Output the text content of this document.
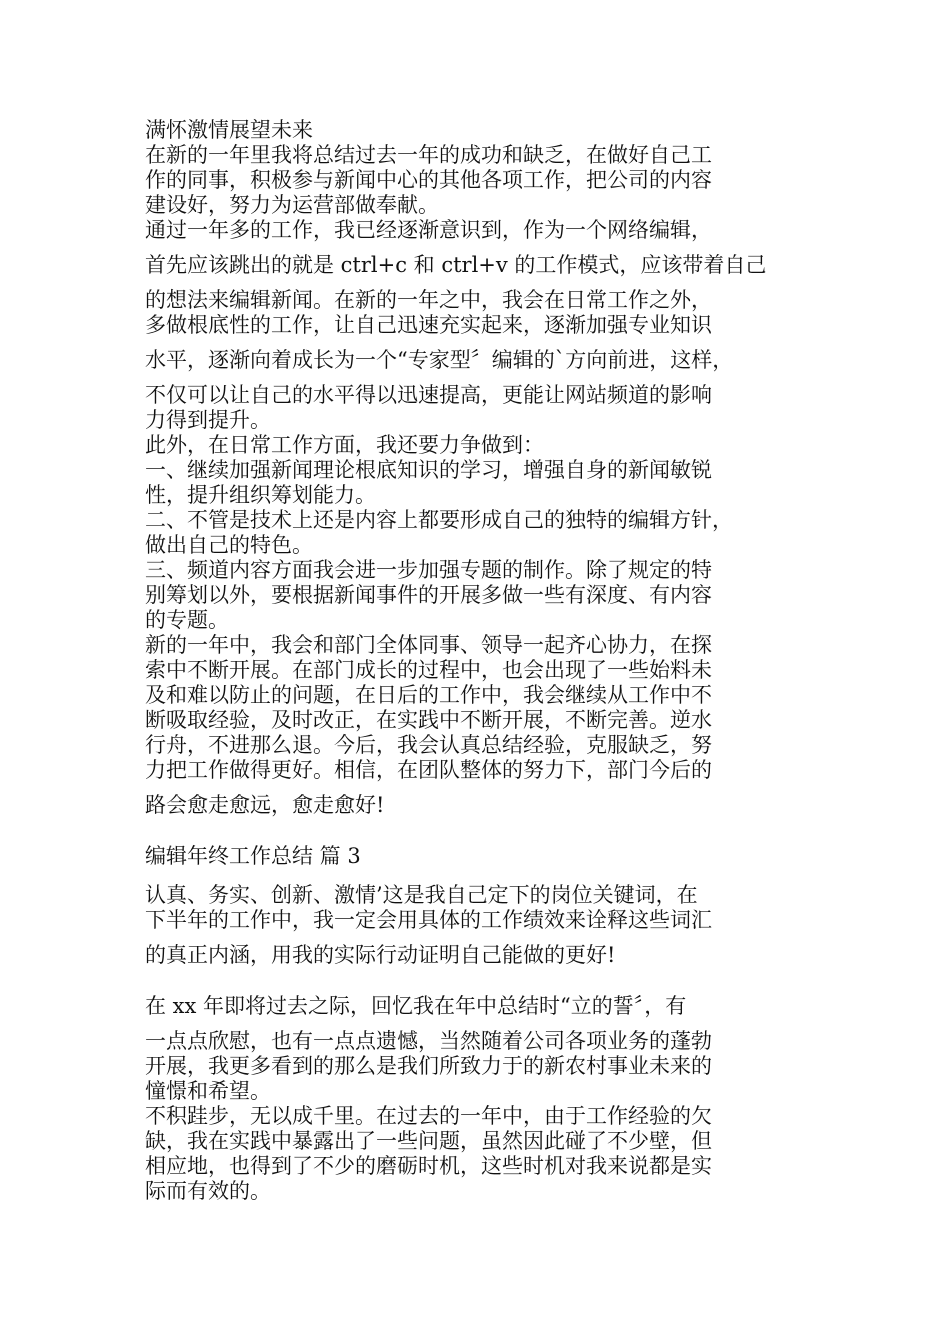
满怀激情展望未来
在新的一年里我将总结过去一年的成功和缺乏，在做好自己工
作的同事，积极参与新闻中心的其他各项工作，把公司的内容
建设好，努力为运营部做奉献。
通过一年多的工作，我已经逐渐意识到，作为一个网络编辑，
首先应该跳出的就是 ctrl+c 和 ctrl+v 的工作模式，应该带着自己
的想法来编辑新闻。在新的一年之中，我会在日常工作之外，
多做根底性的工作，让自己迅速充实起来，逐渐加强专业知识
水平，逐渐向着成长为一个“专家型〞编辑的`方向前进，这样，
不仅可以让自己的水平得以迅速提高，更能让网站频道的影响
力得到提升。
此外，在日常工作方面，我还要力争做到：
一、继续加强新闻理论根底知识的学习，增强自身的新闻敏锐
性，提升组织筹划能力。
二、不管是技术上还是内容上都要形成自己的独特的编辑方针，
做出自己的特色。
三、频道内容方面我会进一步加强专题的制作。除了规定的特
别筹划以外，要根据新闻事件的开展多做一些有深度、有内容
的专题。
新的一年中，我会和部门全体同事、领导一起齐心协力，在探
索中不断开展。在部门成长的过程中，也会出现了一些始料未
及和难以防止的问题，在日后的工作中，我会继续从工作中不
断吸取经验，及时改正，在实践中不断开展，不断完善。逆水
行舟，不进那么退。今后，我会认真总结经验，克服缺乏，努
力把工作做得更好。相信，在团队整体的努力下，部门今后的
路会愈走愈远，愈走愈好!
编辑年终工作总结 篇 3
认真、务实、创新、激情’这是我自己定下的岗位关键词，在
下半年的工作中，我一定会用具体的工作绩效来诠释这些词汇
的真正内涵，用我的实际行动证明自己能做的更好!
在 xx 年即将过去之际，回忆我在年中总结时“立的誓〞，有
一点点欣慰，也有一点点遗憾，当然随着公司各项业务的蓬勃
开展，我更多看到的那么是我们所致力于的新农村事业未来的
憧憬和希望。
不积跬步，无以成千里。在过去的一年中，由于工作经验的欠
缺，我在实践中暴露出了一些问题，虽然因此碰了不少壁，但
相应地，也得到了不少的磨砺时机，这些时机对我来说都是实
际而有效的。
